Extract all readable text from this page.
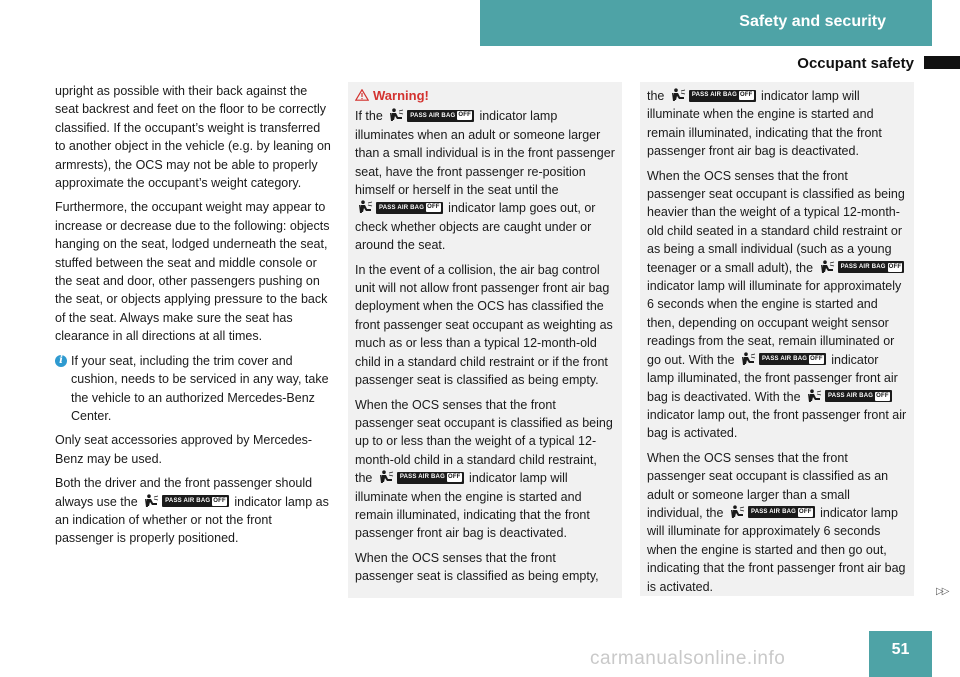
Safety and security
Occupant safety

upright as possible with their back against the seat backrest and feet on the floor to be correctly classified. If the occupant’s weight is transferred to another object in the vehicle (e.g. by leaning on armrests), the OCS may not be able to properly approximate the occupant’s weight category.

Furthermore, the occupant weight may appear to increase or decrease due to the following: objects hanging on the seat, lodged underneath the seat, stuffed between the seat and middle console or the seat and door, other passengers pushing on the seat, or objects applying pressure to the back of the seat. Always make sure the seat has clearance in all directions at all times.

i If your seat, including the trim cover and cushion, needs to be serviced in any way, take the vehicle to an authorized Mercedes-Benz Center.

Only seat accessories approved by Mercedes-Benz may be used.

Both the driver and the front passenger should always use the	PASS AIR BAG OFF indicator lamp as an indication of whether or not the front passenger is properly positioned.

Warning!

If the	PASS AIR BAG OFF indicator lamp illuminates when an adult or someone larger than a small individual is in the front passenger seat, have the front passenger re-position himself or herself in the seat until the
PASS AIR BAG OFF indicator lamp goes out, or check whether objects are caught under or around the seat.

In the event of a collision, the air bag control unit will not allow front passenger front air bag deployment when the OCS has classified the front passenger seat occupant as weighting as much as or less than a typical 12-month-old child in a standard child restraint or if the front passenger seat is classified as being empty.

When the OCS senses that the front passenger seat occupant is classified as being up to or less than the weight of a typical 12-month-old child in a standard child restraint, the	PASS AIR BAG OFF indicator lamp will illuminate when the engine is started and remain illuminated, indicating that the front passenger front air bag is deactivated.

When the OCS senses that the front passenger seat is classified as being empty,

the	PASS AIR BAG OFF indicator lamp will illuminate when the engine is started and remain illuminated, indicating that the front passenger front air bag is deactivated.

When the OCS senses that the front passenger seat occupant is classified as being heavier than the weight of a typical 12-month-old child seated in a standard child restraint or as being a small individual (such as a young teenager or a small adult), the	PASS AIR BAG OFF
indicator lamp will illuminate for approximately 6 seconds when the engine is started and then, depending on occupant weight sensor readings from the seat, remain illuminated or go out. With the	PASS AIR BAG OFF indicator lamp illuminated, the front passenger front air bag is deactivated. With the	PASS AIR BAG OFF
indicator lamp out, the front passenger front air bag is activated.

When the OCS senses that the front passenger seat occupant is classified as an adult or someone larger than a small individual, the	PASS AIR BAG OFF indicator lamp will illuminate for approximately 6 seconds when the engine is started and then go out, indicating that the front passenger front air bag is activated.	▷▷
51
carmanualsonline.info
